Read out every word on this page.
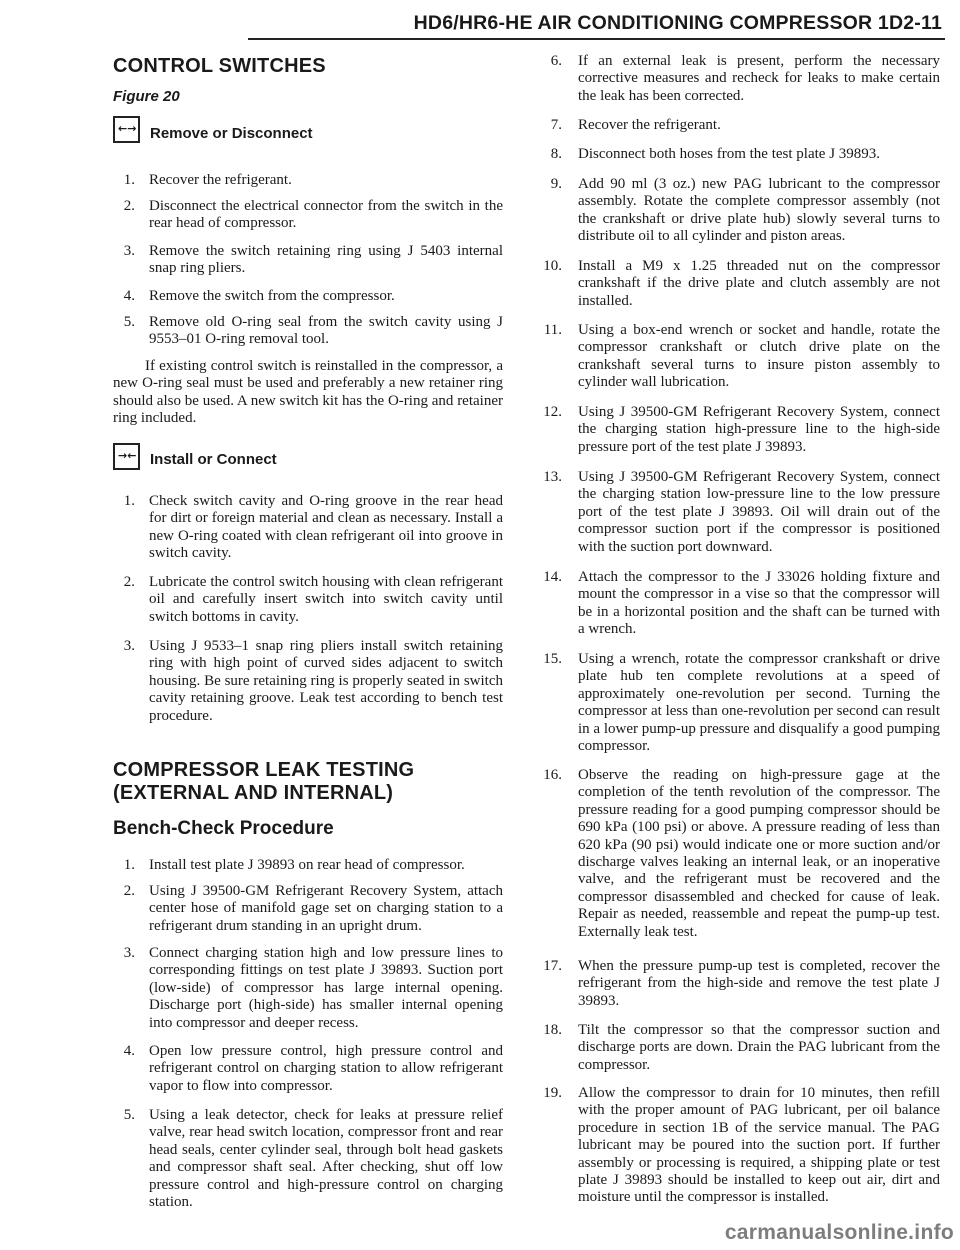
HD6/HR6-HE AIR CONDITIONING COMPRESSOR 1D2-11
CONTROL SWITCHES
Figure 20
←→ Remove or Disconnect
1. Recover the refrigerant.
2. Disconnect the electrical connector from the switch in the rear head of compressor.
3. Remove the switch retaining ring using J 5403 internal snap ring pliers.
4. Remove the switch from the compressor.
5. Remove old O-ring seal from the switch cavity using J 9553–01 O-ring removal tool.
If existing control switch is reinstalled in the compressor, a new O-ring seal must be used and preferably a new retainer ring should also be used. A new switch kit has the O-ring and retainer ring included.
→← Install or Connect
1. Check switch cavity and O-ring groove in the rear head for dirt or foreign material and clean as necessary. Install a new O-ring coated with clean refrigerant oil into groove in switch cavity.
2. Lubricate the control switch housing with clean refrigerant oil and carefully insert switch into switch cavity until switch bottoms in cavity.
3. Using J 9533–1 snap ring pliers install switch retaining ring with high point of curved sides adjacent to switch housing. Be sure retaining ring is properly seated in switch cavity retaining groove. Leak test according to bench test procedure.
COMPRESSOR LEAK TESTING
(EXTERNAL AND INTERNAL)
Bench-Check Procedure
1. Install test plate J 39893 on rear head of compressor.
2. Using J 39500-GM Refrigerant Recovery System, attach center hose of manifold gage set on charging station to a refrigerant drum standing in an upright drum.
3. Connect charging station high and low pressure lines to corresponding fittings on test plate J 39893. Suction port (low-side) of compressor has large internal opening. Discharge port (high-side) has smaller internal opening into compressor and deeper recess.
4. Open low pressure control, high pressure control and refrigerant control on charging station to allow refrigerant vapor to flow into compressor.
5. Using a leak detector, check for leaks at pressure relief valve, rear head switch location, compressor front and rear head seals, center cylinder seal, through bolt head gaskets and compressor shaft seal. After checking, shut off low pressure control and high-pressure control on charging station.
6. If an external leak is present, perform the necessary corrective measures and recheck for leaks to make certain the leak has been corrected.
7. Recover the refrigerant.
8. Disconnect both hoses from the test plate J 39893.
9. Add 90 ml (3 oz.) new PAG lubricant to the compressor assembly. Rotate the complete compressor assembly (not the crankshaft or drive plate hub) slowly several turns to distribute oil to all cylinder and piston areas.
10. Install a M9 x 1.25 threaded nut on the compressor crankshaft if the drive plate and clutch assembly are not installed.
11. Using a box-end wrench or socket and handle, rotate the compressor crankshaft or clutch drive plate on the crankshaft several turns to insure piston assembly to cylinder wall lubrication.
12. Using J 39500-GM Refrigerant Recovery System, connect the charging station high-pressure line to the high-side pressure port of the test plate J 39893.
13. Using J 39500-GM Refrigerant Recovery System, connect the charging station low-pressure line to the low pressure port of the test plate J 39893. Oil will drain out of the compressor suction port if the compressor is positioned with the suction port downward.
14. Attach the compressor to the J 33026 holding fixture and mount the compressor in a vise so that the compressor will be in a horizontal position and the shaft can be turned with a wrench.
15. Using a wrench, rotate the compressor crankshaft or drive plate hub ten complete revolutions at a speed of approximately one-revolution per second. Turning the compressor at less than one-revolution per second can result in a lower pump-up pressure and disqualify a good pumping compressor.
16. Observe the reading on high-pressure gage at the completion of the tenth revolution of the compressor. The pressure reading for a good pumping compressor should be 690 kPa (100 psi) or above. A pressure reading of less than 620 kPa (90 psi) would indicate one or more suction and/or discharge valves leaking an internal leak, or an inoperative valve, and the refrigerant must be recovered and the compressor disassembled and checked for cause of leak. Repair as needed, reassemble and repeat the pump-up test. Externally leak test.
17. When the pressure pump-up test is completed, recover the refrigerant from the high-side and remove the test plate J 39893.
18. Tilt the compressor so that the compressor suction and discharge ports are down. Drain the PAG lubricant from the compressor.
19. Allow the compressor to drain for 10 minutes, then refill with the proper amount of PAG lubricant, per oil balance procedure in section 1B of the service manual. The PAG lubricant may be poured into the suction port. If further assembly or processing is required, a shipping plate or test plate J 39893 should be installed to keep out air, dirt and moisture until the compressor is installed.
carmanualsonline.info
